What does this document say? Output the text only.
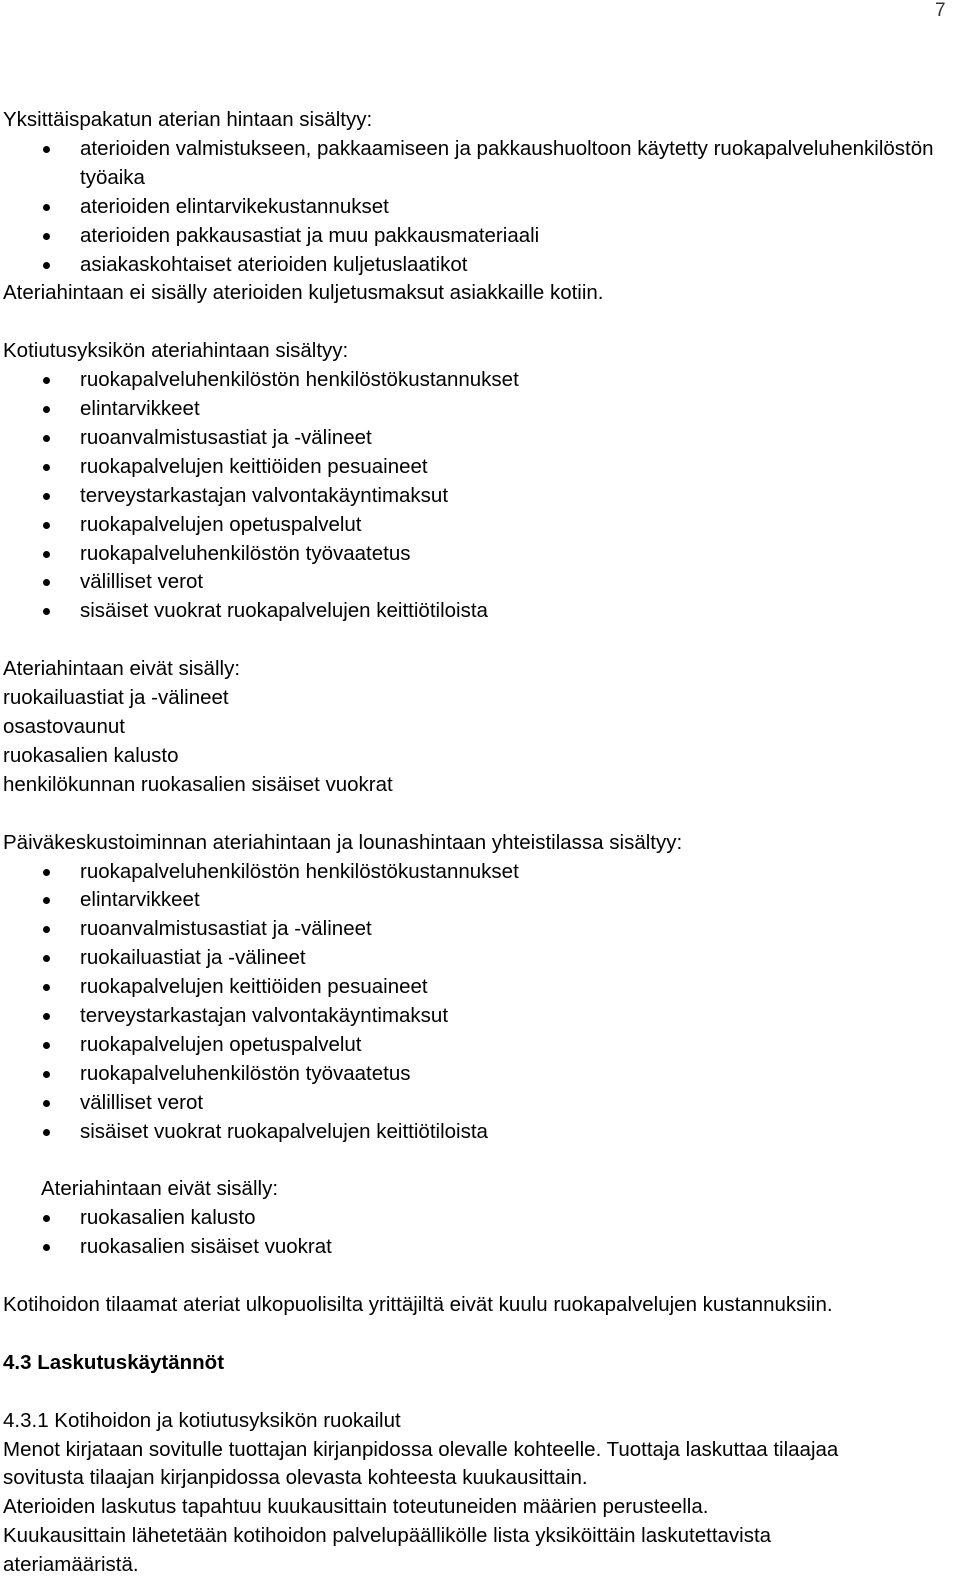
7
Yksittäispakatun aterian hintaan sisältyy:
aterioiden valmistukseen, pakkaamiseen ja pakkaushuoltoon käytetty ruokapalveluhenkilöstön työaika
aterioiden elintarvikekustannukset
aterioiden pakkausastiat ja muu pakkausmateriaali
asiakaskohtaiset aterioiden kuljetuslaatikot
Ateriahintaan ei sisälly aterioiden kuljetusmaksut asiakkaille kotiin.
Kotiutusyksikön ateriahintaan sisältyy:
ruokapalveluhenkilöstön henkilöstökustannukset
elintarvikkeet
ruoanvalmistusastiat ja -välineet
ruokapalvelujen keittiöiden pesuaineet
terveystarkastajan valvontakäyntimaksut
ruokapalvelujen opetuspalvelut
ruokapalveluhenkilöstön työvaatetus
välilliset verot
sisäiset vuokrat ruokapalvelujen keittiötiloista
Ateriahintaan eivät sisälly:
ruokailuastiat ja -välineet
osastovaunut
ruokasalien kalusto
henkilökunnan ruokasalien sisäiset vuokrat
Päiväkeskustoiminnan ateriahintaan ja lounashintaan yhteistilassa sisältyy:
ruokapalveluhenkilöstön henkilöstökustannukset
elintarvikkeet
ruoanvalmistusastiat ja -välineet
ruokailuastiat ja -välineet
ruokapalvelujen keittiöiden pesuaineet
terveystarkastajan valvontakäyntimaksut
ruokapalvelujen opetuspalvelut
ruokapalveluhenkilöstön työvaatetus
välilliset verot
sisäiset vuokrat ruokapalvelujen keittiötiloista
Ateriahintaan eivät sisälly:
ruokasalien kalusto
ruokasalien sisäiset vuokrat
Kotihoidon tilaamat ateriat ulkopuolisilta yrittäjiltä eivät kuulu ruokapalvelujen kustannuksiin.
4.3 Laskutuskäytännöt
4.3.1 Kotihoidon ja kotiutusyksikön ruokailut
Menot kirjataan sovitulle tuottajan kirjanpidossa olevalle kohteelle. Tuottaja laskuttaa tilaajaa sovitusta tilaajan kirjanpidossa olevasta kohteesta kuukausittain.
Aterioiden laskutus tapahtuu kuukausittain toteutuneiden määrien perusteella.
Kuukausittain lähetetään kotihoidon palvelupäällikölle lista yksiköittäin laskutettavista ateriamääristä.
